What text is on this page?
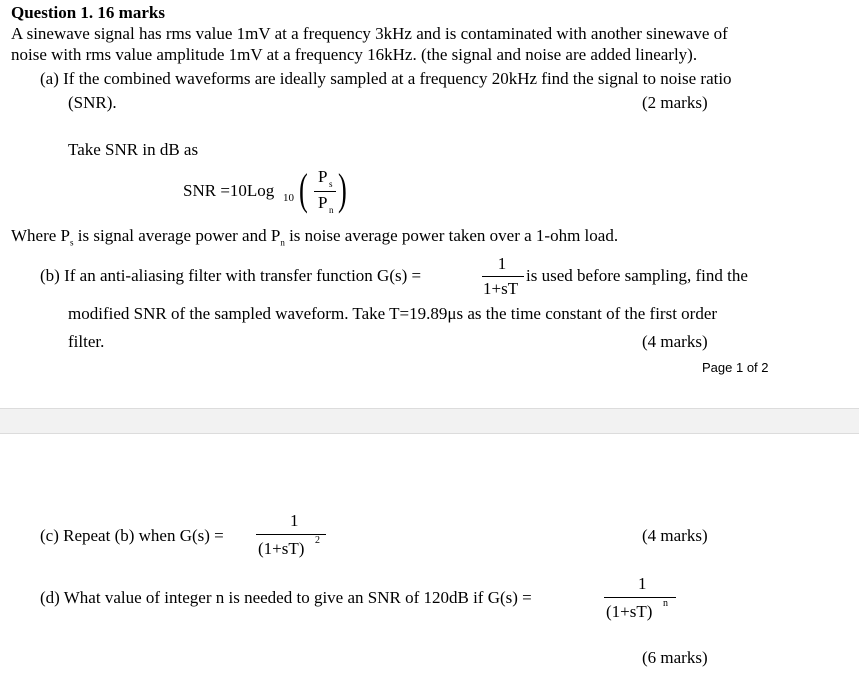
Question 1. 16 marks
A sinewave signal has rms value 1mV at a frequency 3kHz and is contaminated with another sinewave of
noise with rms value amplitude 1mV at a frequency 16kHz. (the signal and noise are added linearly).
(a) If the combined waveforms are ideally sampled at a frequency 20kHz find the signal to noise ratio
(SNR).	(2 marks)
Take SNR in dB as
SNR =10Log 10 ( P s
P n )
Where $P_s$ is signal average power and $P_n$ is noise average power taken over a 1-ohm load.
(b) If an anti-aliasing filter with transfer function G(s) =
1
1+sT
is used before sampling, find the
modified SNR of the sampled waveform. Take T=19.89μs as the time constant of the first order
filter.	(4 marks)
Page 1 of 2
(c) Repeat (b) when G(s) =
1
(1+sT) 2	(4 marks)
(d) What value of integer n is needed to give an SNR of 120dB if G(s) =
1
(1+sT) n
(6 marks)
